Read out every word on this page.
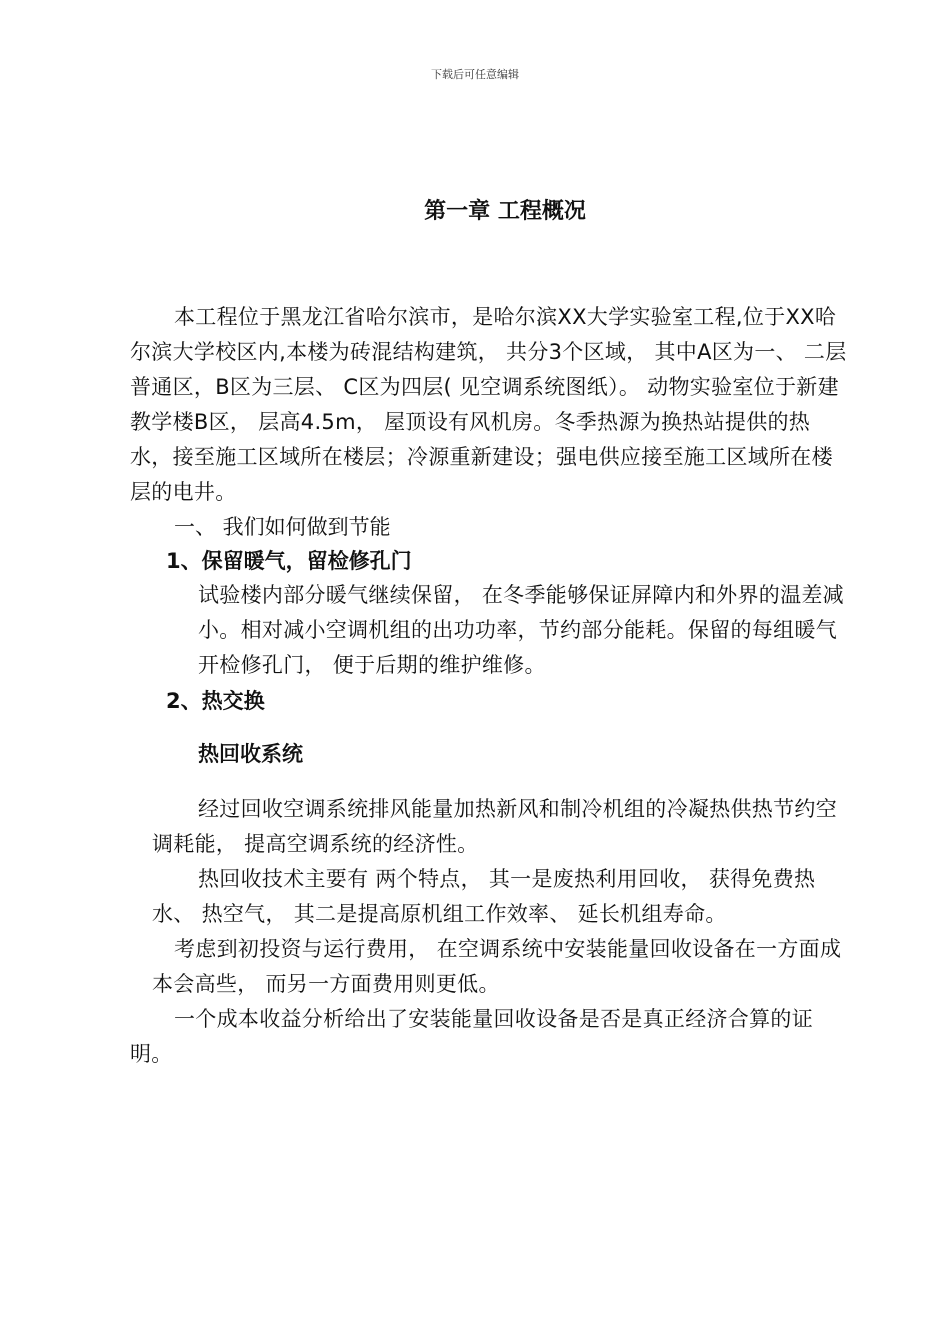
下载后可任意编辑
第一章 工程概况

本工程位于黑龙江省哈尔滨市，是哈尔滨XX大学实验室工程,位于XX哈尔滨大学校区内,本楼为砖混结构建筑， 共分3个区域， 其中A区为一、 二层普通区，B区为三层、 C区为四层( 见空调系统图纸）。 动物实验室位于新建教学楼B区， 层高4.5m， 屋顶设有风机房。冬季热源为换热站提供的热水，接至施工区域所在楼层；冷源重新建设；强电供应接至施工区域所在楼层的电井。

一、 我们如何做到节能
1、保留暖气，留检修孔门

试验楼内部分暖气继续保留， 在冬季能够保证屏障内和外界的温差减小。相对减小空调机组的出功功率，节约部分能耗。保留的每组暖气开检修孔门， 便于后期的维护维修。

2、热交换
热回收系统

经过回收空调系统排风能量加热新风和制冷机组的冷凝热供热节约空调耗能， 提高空调系统的经济性。

热回收技术主要有 两个特点， 其一是废热利用回收， 获得免费热水、 热空气， 其二是提高原机组工作效率、 延长机组寿命。

考虑到初投资与运行费用， 在空调系统中安装能量回收设备在一方面成本会高些， 而另一方面费用则更低。

一个成本收益分析给出了安装能量回收设备是否是真正经济合算的证明。
